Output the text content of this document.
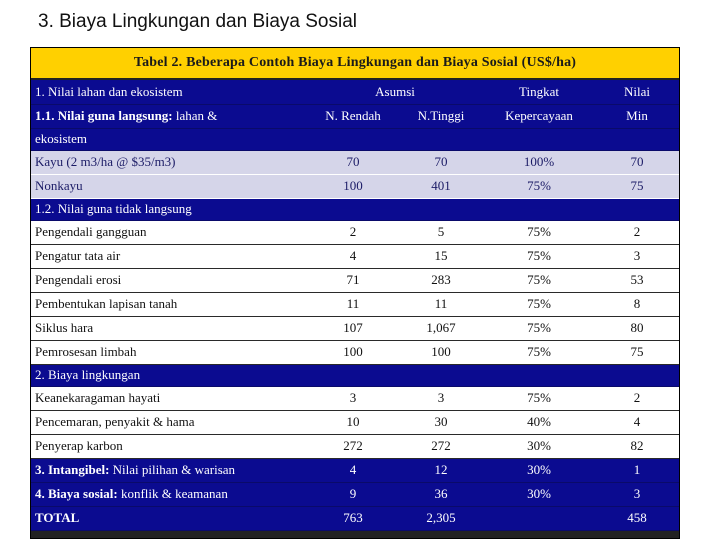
3. Biaya Lingkungan dan Biaya Sosial
Tabel 2. Beberapa Contoh Biaya Lingkungan dan Biaya Sosial (US$/ha)
1. Nilai lahan dan ekosistem	Asumsi		Tingkat	Nilai
1.1. Nilai guna langsung: lahan &	N. Rendah	N.Tinggi	Kepercayaan	Min
ekosistem				
Kayu (2 m3/ha @ $35/m3)	70	70	100%	70
Nonkayu	100	401	75%	75
1.2. Nilai guna tidak langsung				
Pengendali gangguan	2	5	75%	2
Pengatur tata air	4	15	75%	3
Pengendali erosi	71	283	75%	53
Pembentukan lapisan tanah	11	11	75%	8
Siklus hara	107	1,067	75%	80
Pemrosesan limbah	100	100	75%	75
2. Biaya lingkungan				
Keanekaragaman hayati	3	3	75%	2
Pencemaran, penyakit & hama	10	30	40%	4
Penyerap karbon	272	272	30%	82
3. Intangibel: Nilai pilihan & warisan	4	12	30%	1
4. Biaya sosial: konflik & keamanan	9	36	30%	3
TOTAL	763	2,305		458
